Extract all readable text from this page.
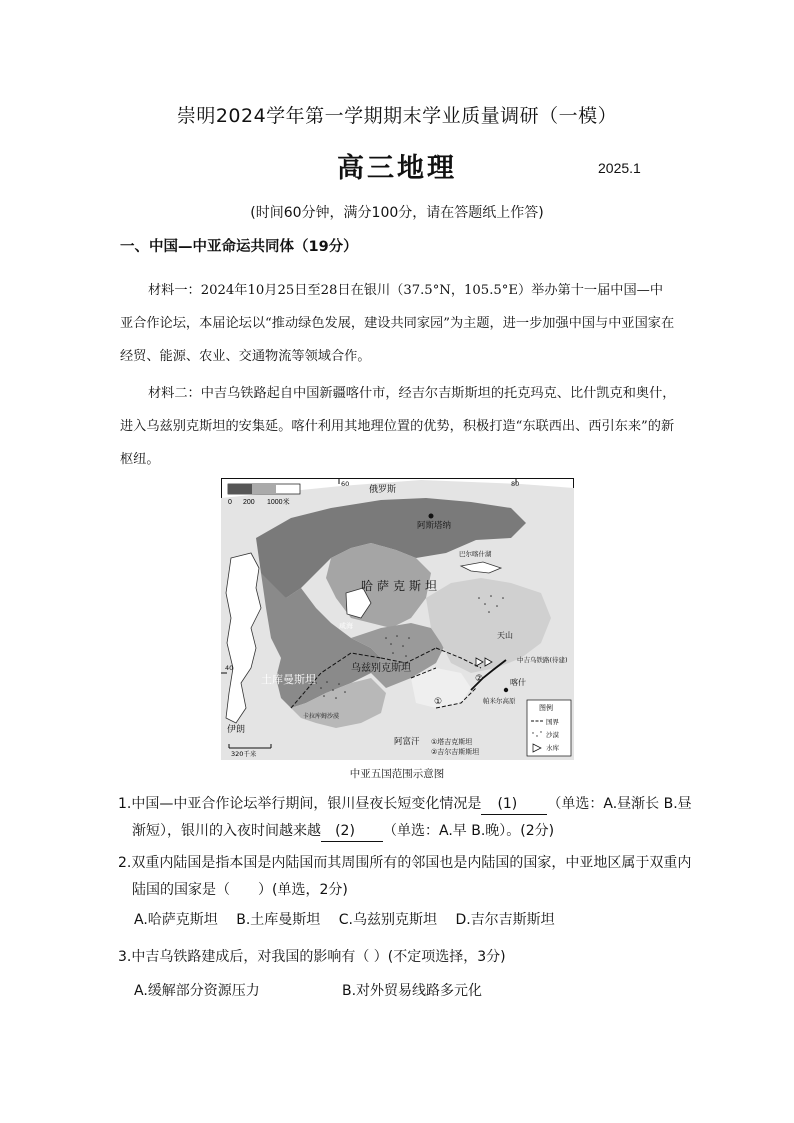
崇明2024学年第一学期期末学业质量调研（一模）
高三地理	2025.1
(时间60分钟，满分100分，请在答题纸上作答)
一、中国—中亚命运共同体（19分）
材料一：2024年10月25日至28日在银川（37.5°N，105.5°E）举办第十一届中国—中亚合作论坛，本届论坛以“推动绿色发展，建设共同家园”为主题，进一步加强中国与中亚国家在经贸、能源、农业、交通物流等领域合作。
材料二：中吉乌铁路起自中国新疆喀什市，经吉尔吉斯斯坦的托克玛克、比什凯克和奥什，进入乌兹别克斯坦的安集延。喀什利用其地理位置的优势，积极打造“东联西出、西引东来”的新枢纽。
0 200 1000米
俄罗斯
阿斯塔纳
哈萨克斯坦
巴尔喀什湖
乌兹别克斯坦
土库曼斯坦
阿富汗
伊朗
喀什
中吉乌铁路(待建)
帕米尔高原
天山
咸海
卡拉库姆沙漠
①塔吉克斯坦
②吉尔吉斯斯坦
60	80
40
①
②
图例
国界
沙漠
水库
320千米
中亚五国范围示意图
1.中国—中亚合作论坛举行期间，银川昼夜长短变化情况是 (1) （单选：A.昼渐长 B.昼渐短），银川的入夜时间越来越 (2) （单选：A.早 B.晚）。(2分)
2.双重内陆国是指本国是内陆国而其周围所有的邻国也是内陆国的国家，中亚地区属于双重内陆国的国家是（　　）(单选，2分)
A.哈萨克斯坦 B.土库曼斯坦 C.乌兹别克斯坦 D.吉尔吉斯斯坦
3.中吉乌铁路建成后，对我国的影响有（ ）(不定项选择，3分)
A.缓解部分资源压力	B.对外贸易线路多元化
